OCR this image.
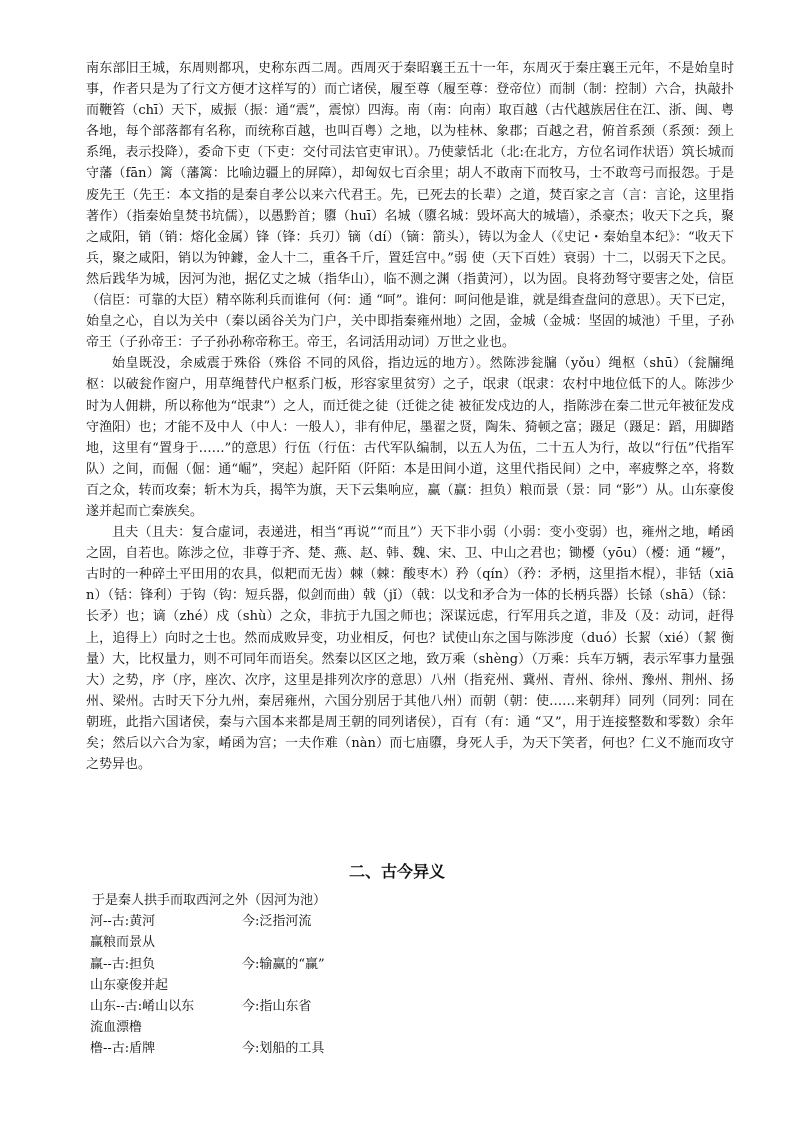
南东部旧王城，东周则都巩，史称东西二周。西周灭于秦昭襄王五十一年，东周灭于秦庄襄王元年，不是始皇时事，作者只是为了行文方便才这样写的）而亡诸侯，履至尊（履至尊：登帝位）而制（制：控制）六合，执敲扑而鞭笞（chī）天下，威振（振：通“震”，震惊）四海。南（南：向南）取百越（古代越族居住在江、浙、闽、粤各地，每个部落都有名称，而统称百越，也叫百粤）之地，以为桂林、象郡；百越之君，俯首系颈（系颈：颈上系绳，表示投降），委命下吏（下吏：交付司法官吏审讯）。乃使蒙恬北（北:在北方，方位名词作状语）筑长城而守藩（fān）篱（藩篱：比喻边疆上的屏障），却匈奴七百余里；胡人不敢南下而牧马，士不敢弯弓而报怨。于是废先王（先王：本文指的是秦自孝公以来六代君王。先，已死去的长辈）之道，焚百家之言（言：言论，这里指著作）（指秦始皇焚书坑儒），以愚黔首；隳（huī）名城（隳名城：毁坏高大的城墙），杀豪杰；收天下之兵，聚之咸阳，销（销：熔化金属）锋（锋：兵刃）镝（dí）（镝：箭头），铸以为金人（《史记・秦始皇本纪》：“收天下兵，聚之咸阳，销以为钟鐻，金人十二，重各千斤，置廷宫中。”弱 使（天下百姓）衰弱）十二，以弱天下之民。然后践华为城，因河为池，据亿丈之城（指华山），临不测之渊（指黄河），以为固。良将劲弩守要害之处，信臣（信臣：可靠的大臣）精卒陈利兵而谁何（何：通 “呵”。谁何：呵问他是谁，就是缉查盘问的意思）。天下已定，始皇之心，自以为关中（秦以函谷关为门户，关中即指秦雍州地）之固，金城（金城：坚固的城池）千里，子孙帝王（子孙帝王：子子孙孙称帝称王。帝王，名词活用动词）万世之业也。

始皇既没，余威震于殊俗（殊俗 不同的风俗，指边远的地方）。然陈涉瓮牖（yǒu）绳枢（shū）（瓮牖绳枢：以破瓮作窗户，用草绳替代户枢系门板，形容家里贫穷）之子，氓隶（氓隶：农村中地位低下的人。陈涉少时为人佣耕，所以称他为“氓隶”）之人，而迁徙之徒（迁徙之徒 被征发戍边的人，指陈涉在秦二世元年被征发戍守渔阳）也；才能不及中人（中人：一般人），非有仲尼，墨翟之贤，陶朱、猗顿之富；蹑足（蹑足：蹈，用脚踏地，这里有“置身于……”的意思）行伍（行伍：古代军队编制，以五人为伍，二十五人为行，故以“行伍”代指军队）之间，而倔（倔：通“崛”，突起）起阡陌（阡陌：本是田间小道，这里代指民间）之中，率疲弊之卒，将数百之众，转而攻秦；斩木为兵，揭竿为旗，天下云集响应，赢（赢：担负）粮而景（景：同 “影”）从。山东豪俊遂并起而亡秦族矣。

且夫（且夫：复合虚词，表递进，相当“再说”“而且”）天下非小弱（小弱：变小变弱）也，雍州之地，崤函之固，自若也。陈涉之位，非尊于齐、楚、燕、赵、韩、魏、宋、卫、中山之君也；锄櫌（yōu）（櫌：通 “耰”，古时的一种碎土平田用的农具，似耙而无齿）棘（棘：酸枣木）矜（qín）（矜：矛柄，这里指木棍），非铦（xiān）（铦：锋利）于钩（钩：短兵器，似剑而曲）戟（jǐ）（戟：以戈和矛合为一体的长柄兵器）长铩（shā）（铩：长矛）也；谪（zhé）戍（shù）之众，非抗于九国之师也；深谋远虑，行军用兵之道，非及（及：动词，赶得上，追得上）向时之士也。然而成败异变，功业相反，何也？试使山东之国与陈涉度（duó）长絜（xié）（絜 衡量）大，比权量力，则不可同年而语矣。然秦以区区之地，致万乘（shèng）（万乘：兵车万辆，表示军事力量强大）之势，序（序，座次、次序，这里是排列次序的意思）八州（指兖州、冀州、青州、徐州、豫州、荆州、扬州、梁州。古时天下分九州，秦居雍州，六国分别居于其他八州）而朝（朝：使……来朝拜）同列（同列：同在朝班，此指六国诸侯，秦与六国本来都是周王朝的同列诸侯），百有（有：通 “又”，用于连接整数和零数）余年矣；然后以六合为家，崤函为宫；一夫作难（nàn）而七庙隳，身死人手，为天下笑者，何也？仁义不施而攻守之势异也。

二、古今异义

于是秦人拱手而取西河之外（因河为池）

河--古:黄河	今:泛指河流

赢粮而景从

赢--古:担负	今:输赢的“赢”

山东豪俊并起

山东--古:崤山以东	今:指山东省

流血漂橹

橹--古:盾牌	今:划船的工具
